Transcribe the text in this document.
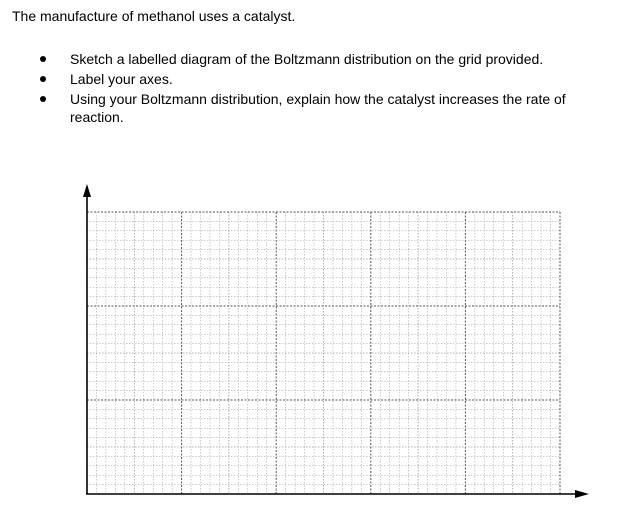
The manufacture of methanol uses a catalyst.

Sketch a labelled diagram of the Boltzmann distribution on the grid provided.
Label your axes.
Using your Boltzmann distribution, explain how the catalyst increases the rate of reaction.
